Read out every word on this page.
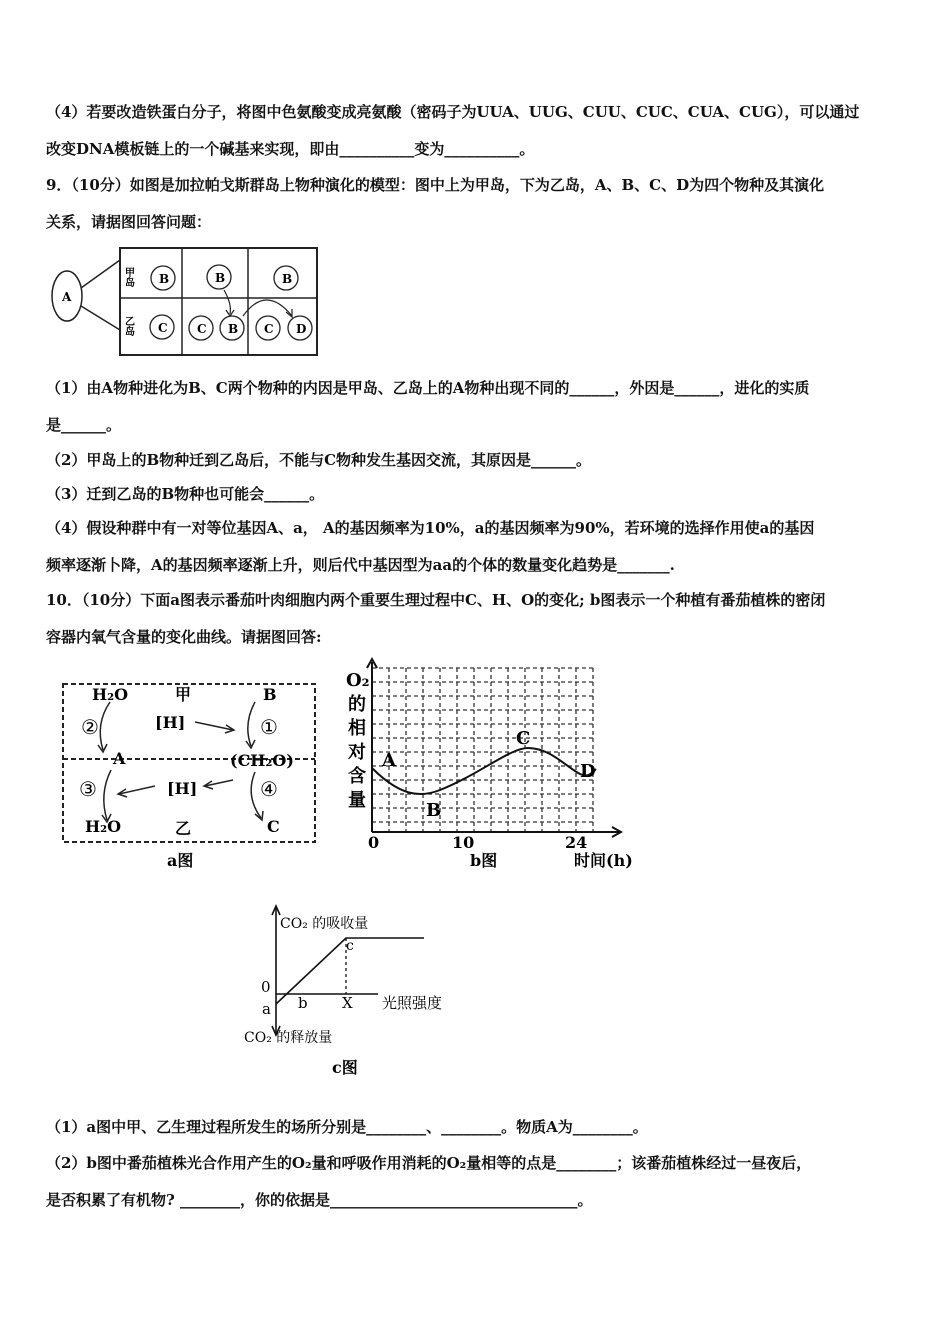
（4）若要改造铁蛋白分子，将图中色氨酸变成亮氨酸（密码子为UUA、UUG、CUU、CUC、CUA、CUG），可以通过
改变DNA模板链上的一个碱基来实现，即由__________变为__________。
9．（10分）如图是加拉帕戈斯群岛上物种演化的模型：图中上为甲岛，下为乙岛，A、B、C、D为四个物种及其演化
关系，请据图回答问题：
A
甲岛
乙岛
B	B	B
C C B C D
（1）由A物种进化为B、C两个物种的内因是甲岛、乙岛上的A物种出现不同的______，外因是______，进化的实质
是______。
（2）甲岛上的B物种迁到乙岛后，不能与C物种发生基因交流，其原因是______。
（3）迁到乙岛的B物种也可能会______。
（4）假设种群中有一对等位基因A、a， A的基因频率为10%，a的基因频率为90%，若环境的选择作用使a的基因
频率逐渐卜降，A的基因频率逐渐上升，则后代中基因型为aa的个体的数量变化趋势是_______.
10．（10分）下面a图表示番茄叶肉细胞内两个重要生理过程中C、H、O的变化; b图表示一个种植有番茄植株的密闭
容器内氧气含量的变化曲线。请据图回答:
H₂O	甲	B
[H]
②	①
A	(CH₂O)
③	④
[H]
H₂O	乙	C
a图
O₂
的
相
对
含
量
A
B
C
D
0	10	24
b图	时间(h)
CO₂ 的吸收量
CO₂ 的释放量
0
a b X 光照强度
c
c图
（1）a图中甲、乙生理过程所发生的场所分别是________、________。物质A为________。
（2）b图中番茄植株光合作用产生的O₂量和呼吸作用消耗的O₂量相等的点是________；该番茄植株经过一昼夜后，
是否积累了有机物? ________，你的依据是_________________________________。
